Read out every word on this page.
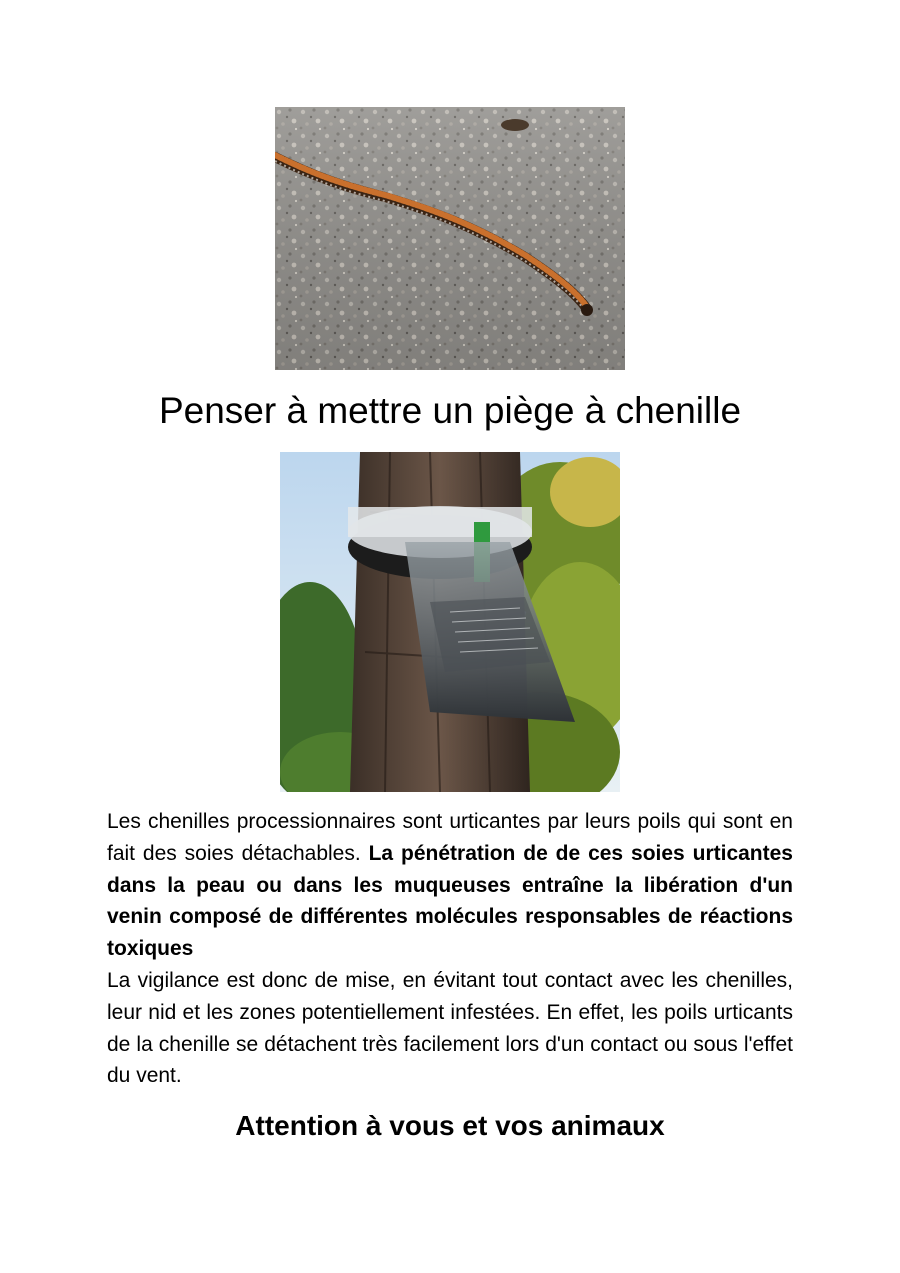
Penser à mettre un piège à chenille

Les chenilles processionnaires sont urticantes par leurs poils qui sont en fait des soies détachables. La pénétration de de ces soies urticantes dans la peau ou dans les muqueuses entraîne la libération d'un venin composé de différentes molécules responsables de réactions toxiques

La vigilance est donc de mise, en évitant tout contact avec les chenilles, leur nid et les zones potentiellement infestées. En effet, les poils urticants de la chenille se détachent très facilement lors d'un contact ou sous l'effet du vent.

Attention à vous et vos animaux
